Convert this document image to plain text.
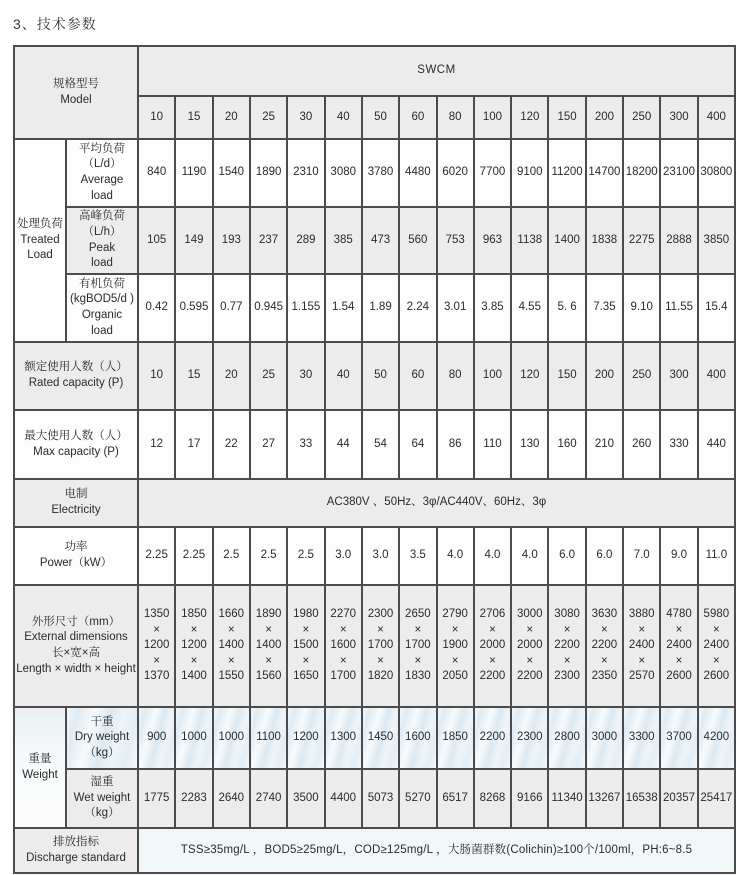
3、技术参数
规格型号
Model		SWCM															
		10	15	20	25	30	40	50	60	80	100	120	150	200	250	300	400

处理负荷
Treated
Load	平均负荷
（L/d）
Average
load	840	1190	1540	1890	2310	3080	3780	4480	6020	7700	9100	11200	14700	18200	23100	30800

	高峰负荷
（L/h）
Peak
load	105	149	193	237	289	385	473	560	753	963	1138	1400	1838	2275	2888	3850

	有机负荷
(kgBOD5/d )
Organic
load	0.42	0.595	0.77	0.945	1.155	1.54	1.89	2.24	3.01	3.85	4.55	5. 6	7.35	9.10	11.55	15.4

额定使用人数（人）
Rated capacity (P)		10	15	20	25	30	40	50	60	80	100	120	150	200	250	300	400

最大使用人数（人）
Max capacity (P)		12	17	22	27	33	44	54	64	86	110	130	160	210	260	330	440

电制
Electricity		AC380V 、50Hz、3φ/AC440V、60Hz、3φ															

功率
Power（kW）		2.25	2.25	2.5	2.5	2.5	3.0	3.0	3.5	4.0	4.0	4.0	6.0	6.0	7.0	9.0	11.0

外形尺寸（mm）
External dimensions
长×宽×高
Length × width × height		1350
×
1200
×
1370	1850
×
1200
×
1400	1660
×
1400
×
1550	1890
×
1400
×
1560	1980
×
1500
×
1650	2270
×
1600
×
1700	2300
×
1700
×
1820	2650
×
1700
×
1830	2790
×
1900
×
2050	2706
×
2000
×
2200	3000
×
2000
×
2200	3080
×
2200
×
2300	3630
×
2200
×
2350	3880
×
2400
×
2570	4780
×
2400
×
2600	5980
×
2400
×
2600

重量
Weight	干重
Dry weight
（kg）	900	1000	1000	1100	1200	1300	1450	1600	1850	2200	2300	2800	3000	3300	3700	4200

	湿重
Wet weight
（kg）	1775	2283	2640	2740	3500	4400	5073	5270	6517	8268	9166	11340	13267	16538	20357	25417

排放指标
Discharge standard		TSS≥35mg/L ，BOD5≥25mg/L，COD≥125mg/L ，大肠菌群数(Colichin)≥100个/100ml，PH:6~8.5															
